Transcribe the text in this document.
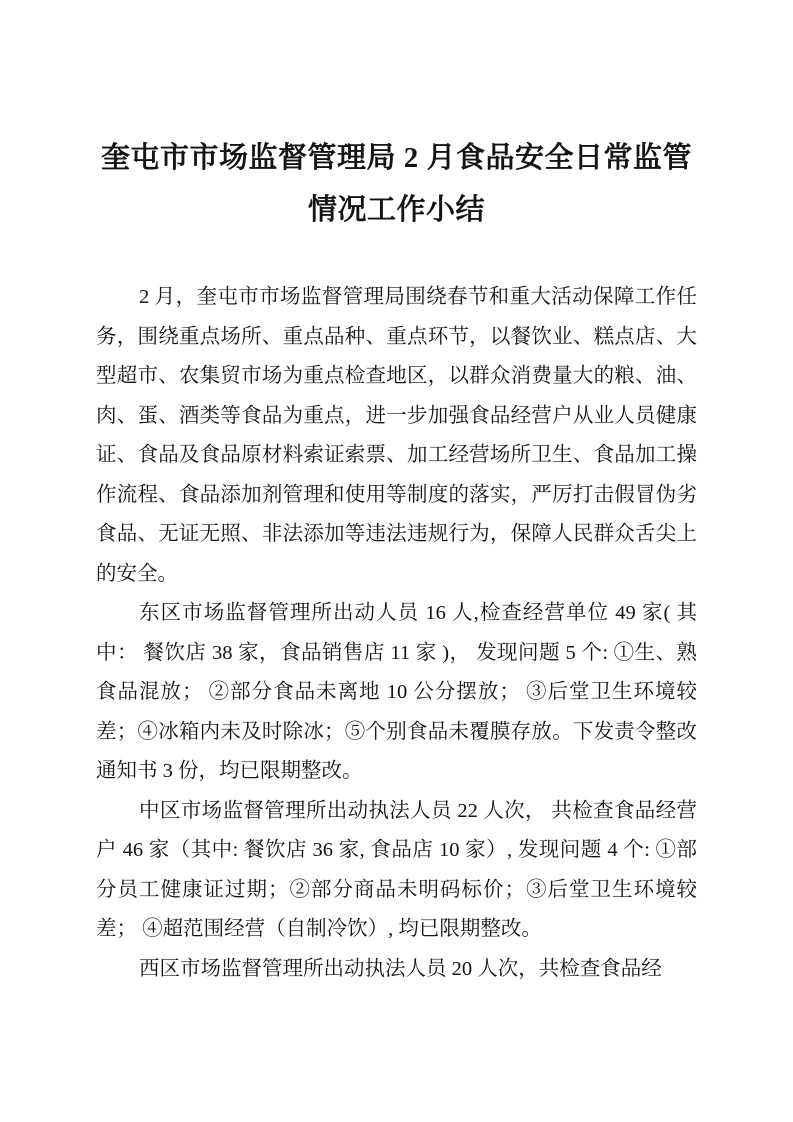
奎屯市市场监督管理局 2 月食品安全日常监管情况工作小结

2 月，奎屯市市场监督管理局围绕春节和重大活动保障工作任务，围绕重点场所、重点品种、重点环节，以餐饮业、糕点店、大型超市、农集贸市场为重点检查地区，以群众消费量大的粮、油、肉、蛋、酒类等食品为重点，进一步加强食品经营户从业人员健康证、食品及食品原材料索证索票、加工经营场所卫生、食品加工操作流程、食品添加剂管理和使用等制度的落实，严厉打击假冒伪劣食品、无证无照、非法添加等违法违规行为，保障人民群众舌尖上的安全。

东区市场监督管理所出动人员 16 人,检查经营单位 49 家( 其中： 餐饮店 38 家，食品销售店 11 家 )， 发现问题 5 个: ①生、熟食品混放； ②部分食品未离地 10 公分摆放； ③后堂卫生环境较差；④冰箱内未及时除冰；⑤个别食品未覆膜存放。下发责令整改通知书 3 份，均已限期整改。

中区市场监督管理所出动执法人员 22 人次， 共检查食品经营户 46 家（其中: 餐饮店 36 家, 食品店 10 家）, 发现问题 4 个: ①部分员工健康证过期；②部分商品未明码标价；③后堂卫生环境较差； ④超范围经营（自制冷饮）, 均已限期整改。

西区市场监督管理所出动执法人员 20 人次，共检查食品经
